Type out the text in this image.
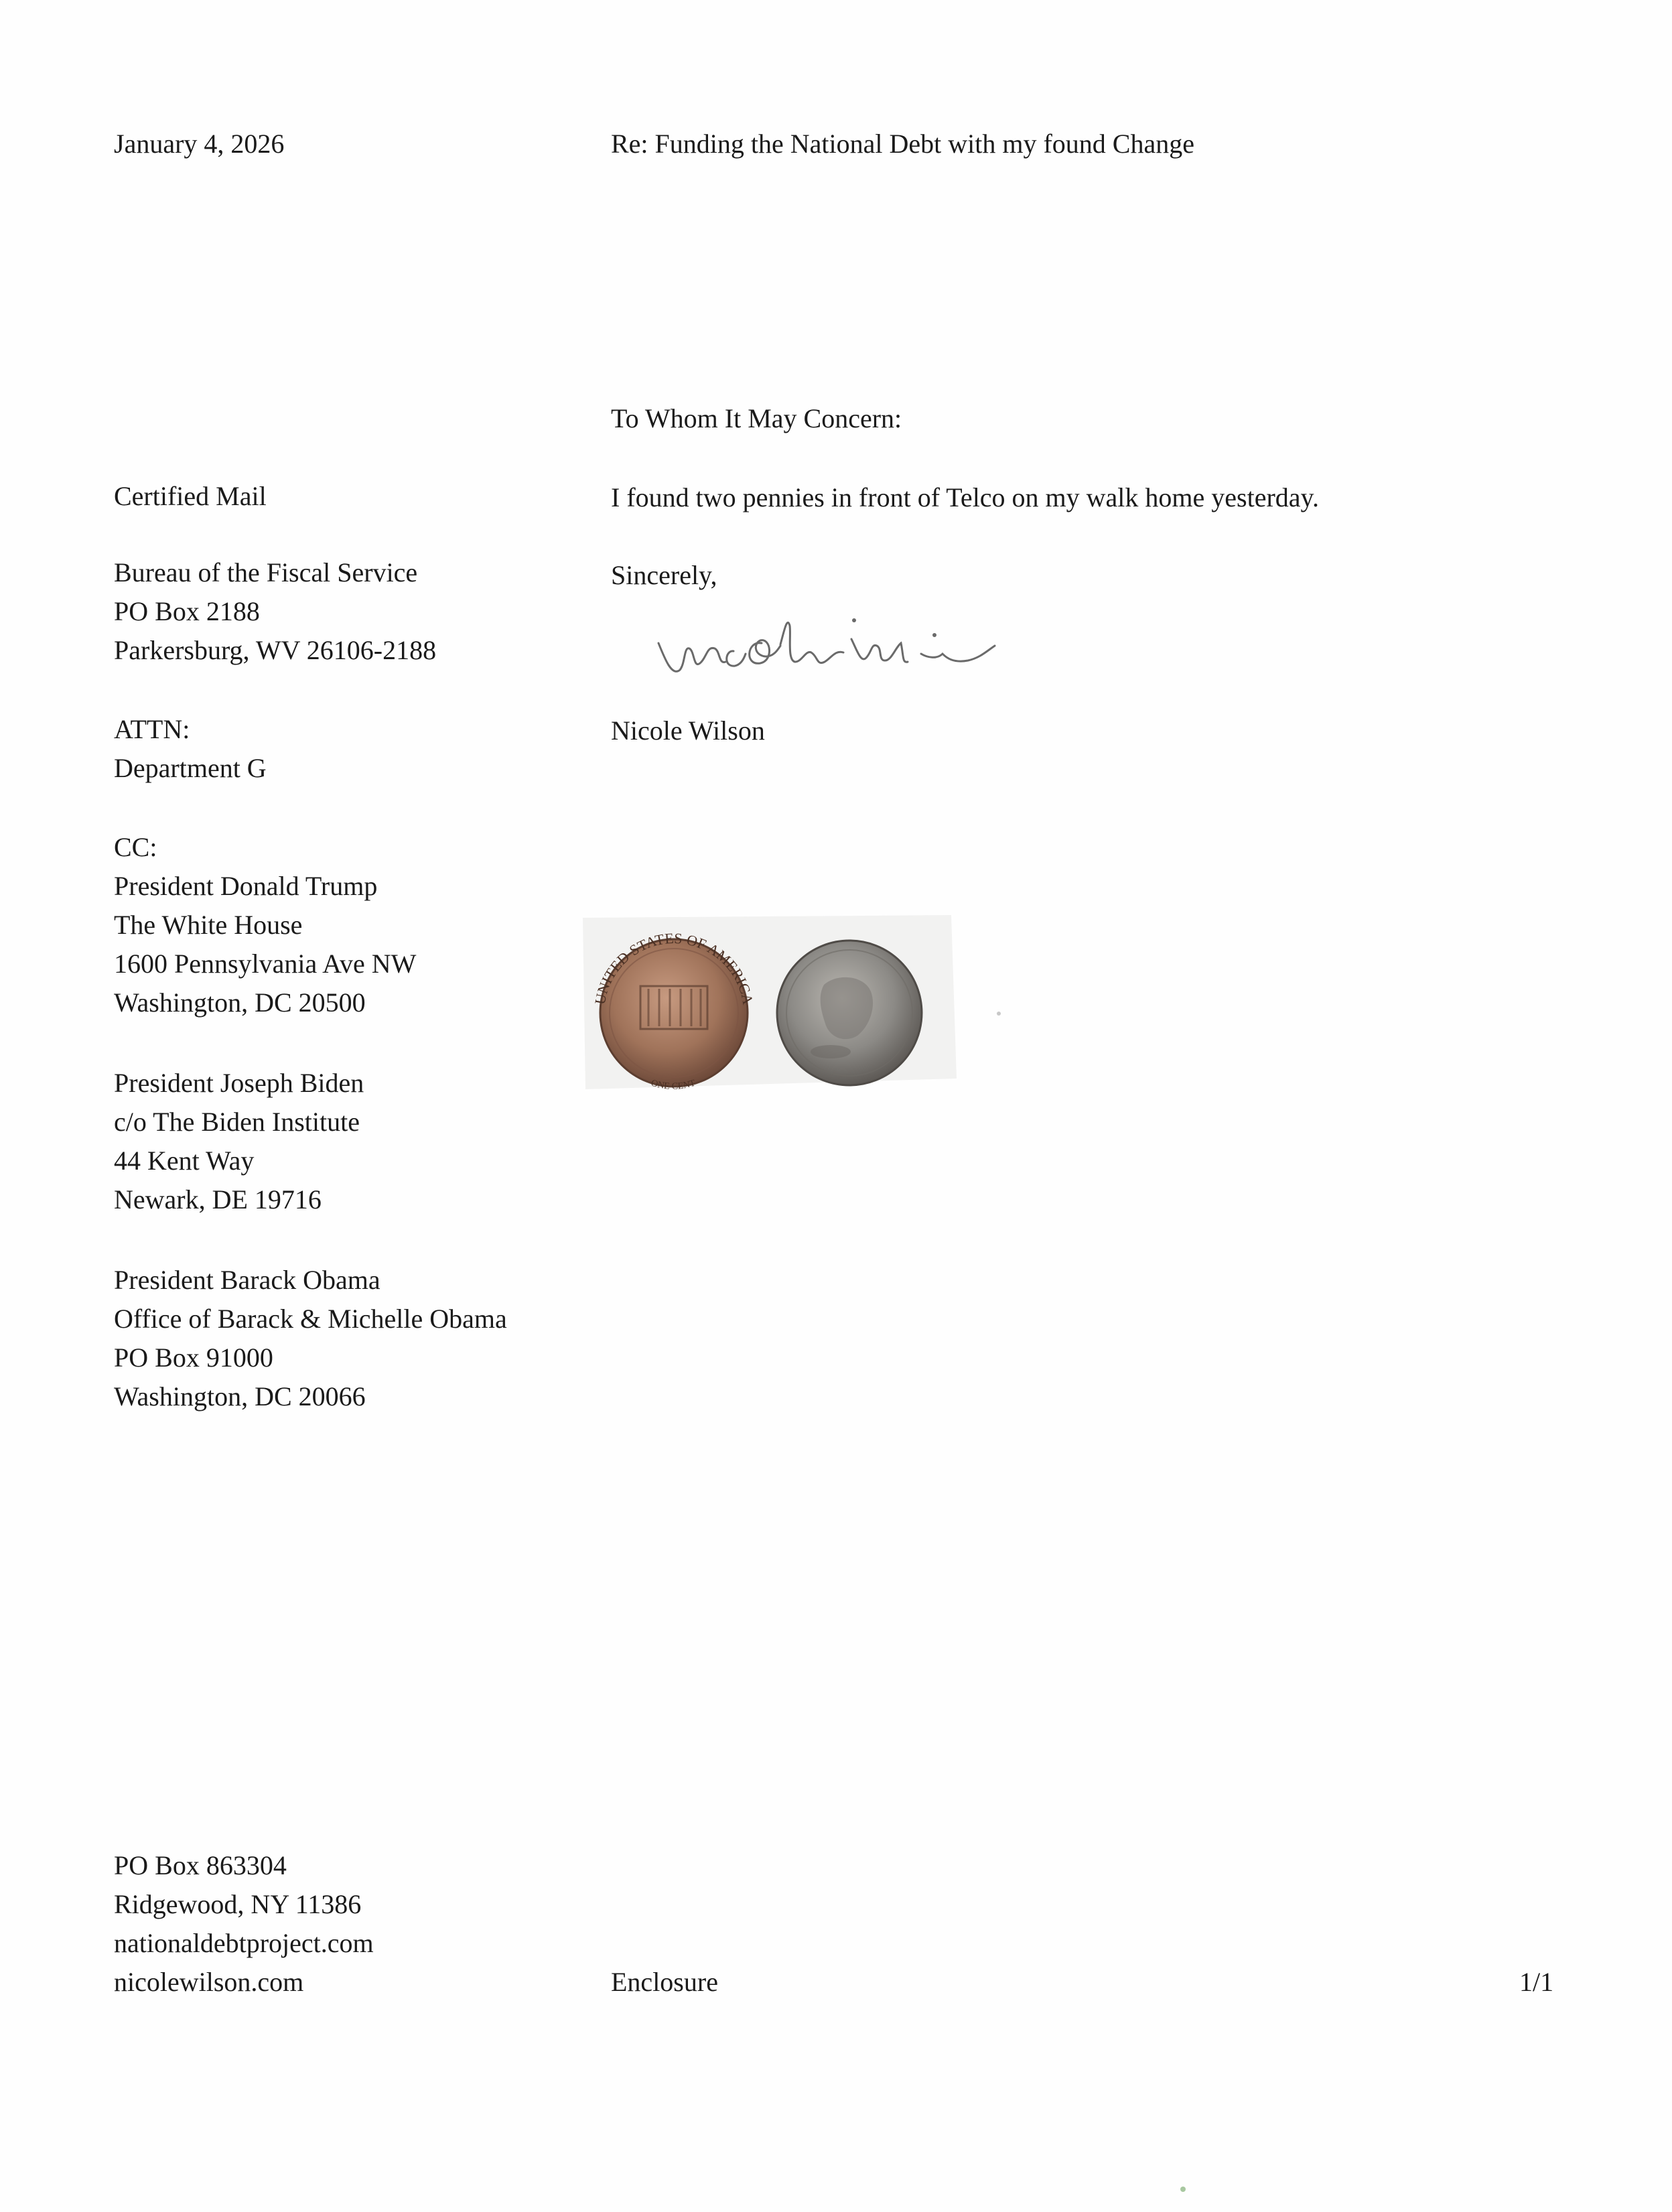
January 4, 2026	Re: Funding the National Debt with my found Change
To Whom It May Concern:
I found two pennies in front of Telco on my walk home yesterday.
Sincerely,
Nicole Wilson
Certified Mail
Bureau of the Fiscal Service
PO Box 2188
Parkersburg, WV 26106-2188
ATTN:
Department G
CC:
President Donald Trump
The White House
1600 Pennsylvania Ave NW
Washington, DC 20500
President Joseph Biden
c/o The Biden Institute
44 Kent Way
Newark, DE 19716
President Barack Obama
Office of Barack & Michelle Obama
PO Box 91000
Washington, DC 20066
UNITED STATES OF AMERICA
ONE CENT
PO Box 863304
Ridgewood, NY 11386
nationaldebtproject.com
nicolewilson.com	Enclosure	1/1
